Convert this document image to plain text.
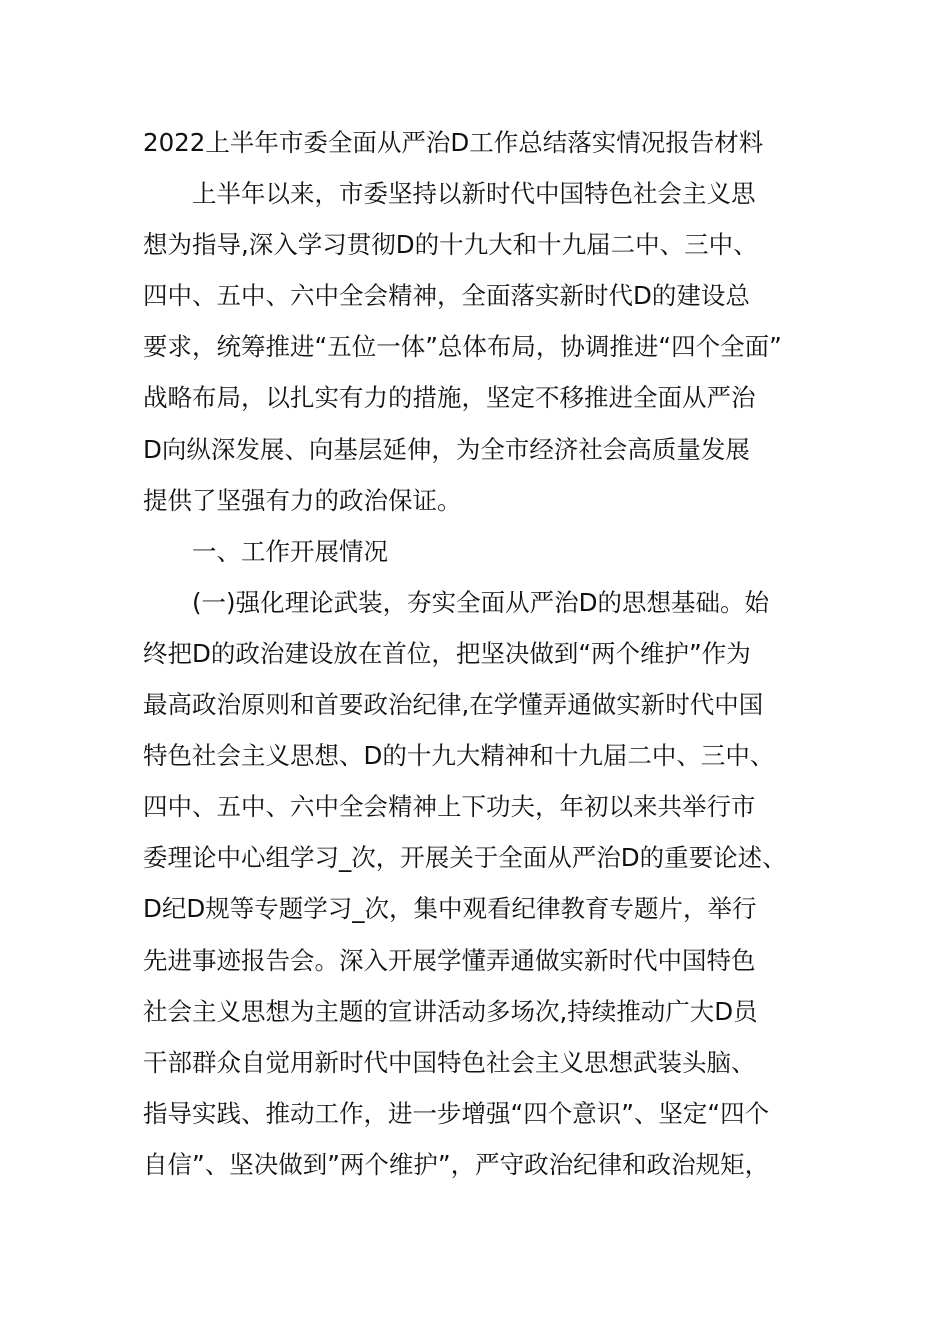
2022上半年市委全面从严治D工作总结落实情况报告材料
　　上半年以来，市委坚持以新时代中国特色社会主义思
想为指导,深入学习贯彻D的十九大和十九届二中、三中、
四中、五中、六中全会精神，全面落实新时代D的建设总
要求，统筹推进“五位一体”总体布局，协调推进“四个全面”
战略布局，以扎实有力的措施，坚定不移推进全面从严治
D向纵深发展、向基层延伸，为全市经济社会高质量发展
提供了坚强有力的政治保证。
　　一、工作开展情况
　　(一)强化理论武装，夯实全面从严治D的思想基础。始
终把D的政治建设放在首位，把坚决做到“两个维护”作为
最高政治原则和首要政治纪律,在学懂弄通做实新时代中国
特色社会主义思想、D的十九大精神和十九届二中、三中、
四中、五中、六中全会精神上下功夫，年初以来共举行市
委理论中心组学习_次，开展关于全面从严治D的重要论述、
D纪D规等专题学习_次，集中观看纪律教育专题片，举行
先进事迹报告会。深入开展学懂弄通做实新时代中国特色
社会主义思想为主题的宣讲活动多场次,持续推动广大D员
干部群众自觉用新时代中国特色社会主义思想武装头脑、
指导实践、推动工作，进一步增强“四个意识”、坚定“四个
自信”、坚决做到”两个维护”，严守政治纪律和政治规矩，
